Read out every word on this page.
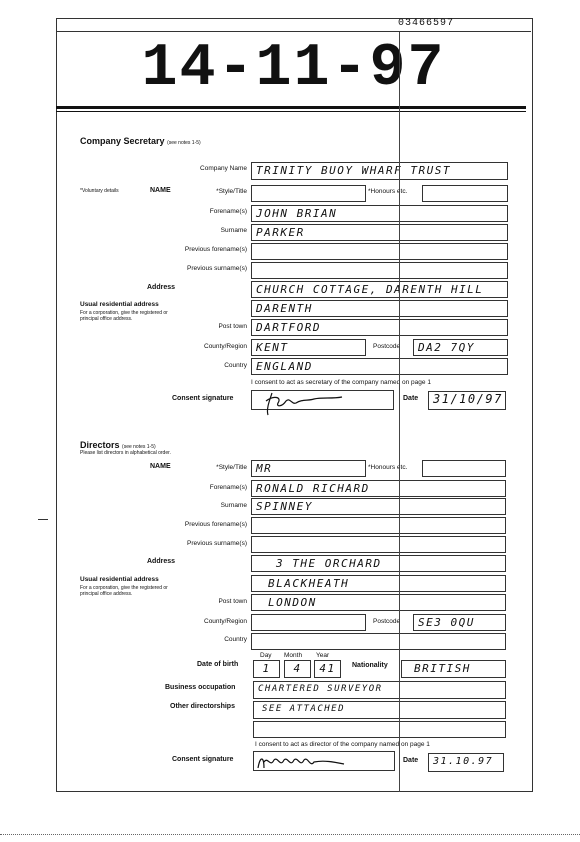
03466597
14-11-97
Company Secretary (see notes 1-5)
Company Name TRINITY BUOY WHARF TRUST
*Voluntary details	NAME	*Style/Title	*Honours etc.
Forename(s) JOHN BRIAN
Surname PARKER
Previous forename(s)
Previous surname(s)
Address	CHURCH COTTAGE, DARENTH HILL
Usual residential address
For a corporation, give the registered or principal office address.
DARENTH
Post town DARTFORD
County/Region KENT	Postcode	DA2 7QY
Country ENGLAND
I consent to act as secretary of the company named on page 1
Consent signature	Date	31/10/97
Directors (see notes 1-5)
Please list directors in alphabetical order.
NAME	*Style/Title MR	*Honours etc.
Forename(s) RONALD RICHARD
Surname SPINNEY
Previous forename(s)
Previous surname(s)
Address	3 THE ORCHARD
Usual residential address
For a corporation, give the registered or principal office address.
BLACKHEATH
Post town	LONDON
County/Region	Postcode	SE3 0QU
Country
Day Month Year
Date of birth	1	4	41	Nationality	BRITISH
Business occupation	CHARTERED SURVEYOR
Other directorships	SEE ATTACHED
I consent to act as director of the company named on page 1
Consent signature	Date	31.10.97
